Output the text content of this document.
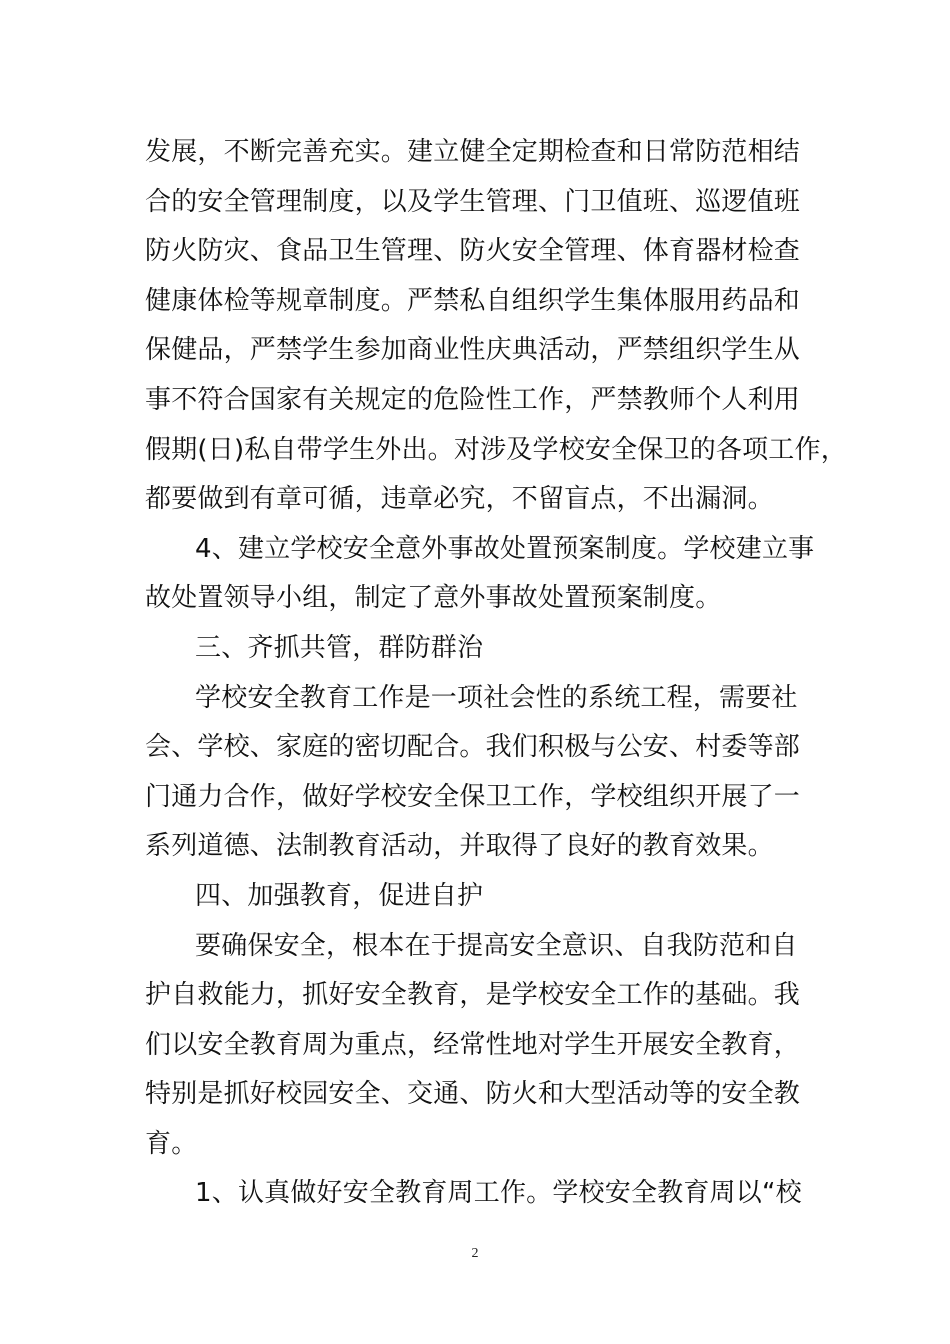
发展，不断完善充实。建立健全定期检查和日常防范相结
合的安全管理制度，以及学生管理、门卫值班、巡逻值班
防火防灾、食品卫生管理、防火安全管理、体育器材检查
健康体检等规章制度。严禁私自组织学生集体服用药品和
保健品，严禁学生参加商业性庆典活动，严禁组织学生从
事不符合国家有关规定的危险性工作，严禁教师个人利用
假期(日)私自带学生外出。对涉及学校安全保卫的各项工作，
都要做到有章可循，违章必究，不留盲点，不出漏洞。
4、建立学校安全意外事故处置预案制度。学校建立事
故处置领导小组，制定了意外事故处置预案制度。
三、齐抓共管，群防群治
学校安全教育工作是一项社会性的系统工程，需要社
会、学校、家庭的密切配合。我们积极与公安、村委等部
门通力合作，做好学校安全保卫工作，学校组织开展了一
系列道德、法制教育活动，并取得了良好的教育效果。
四、加强教育，促进自护
要确保安全，根本在于提高安全意识、自我防范和自
护自救能力，抓好安全教育，是学校安全工作的基础。我
们以安全教育周为重点，经常性地对学生开展安全教育，
特别是抓好校园安全、交通、防火和大型活动等的安全教
育。
1、认真做好安全教育周工作。学校安全教育周以“校
2
